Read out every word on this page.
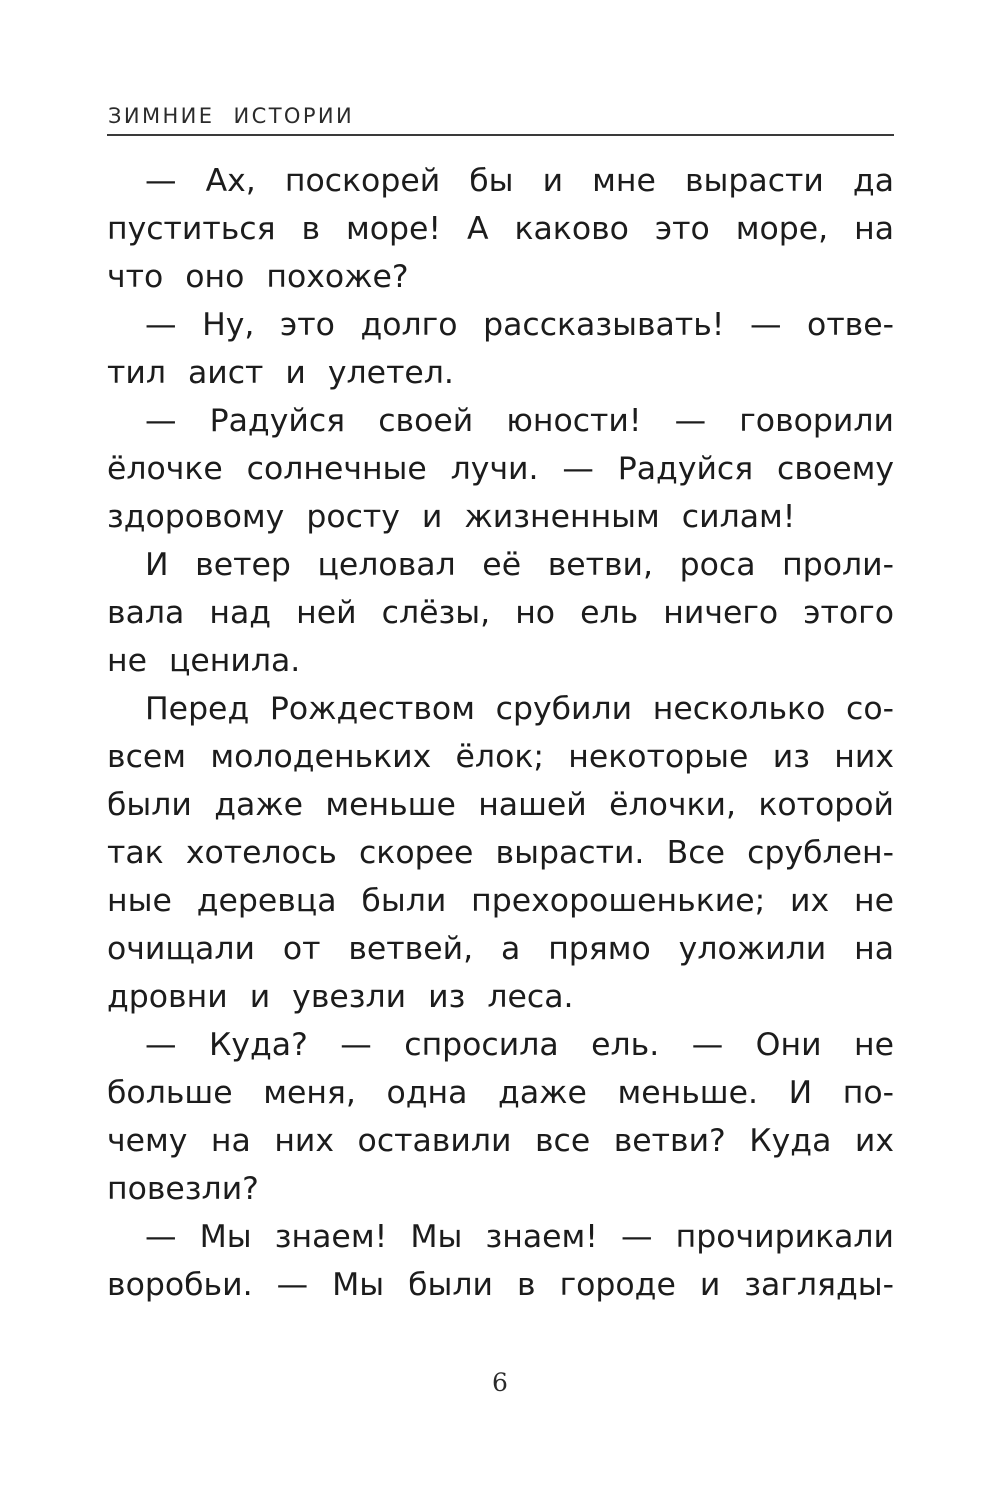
ЗИМНИЕ ИСТОРИИ
— Ах, поскорей бы и мне вырасти да
пуститься в море! А каково это море, на
что оно похоже?
— Ну, это долго рассказывать! — отве-
тил аист и улетел.
— Радуйся своей юности! — говорили
ёлочке солнечные лучи. — Радуйся своему
здоровому росту и жизненным силам!
И ветер целовал её ветви, роса проли-
вала над ней слёзы, но ель ничего этого
не ценила.
Перед Рождеством срубили несколько со-
всем молоденьких ёлок; некоторые из них
были даже меньше нашей ёлочки, которой
так хотелось скорее вырасти. Все срублен-
ные деревца были прехорошенькие; их не
очищали от ветвей, а прямо уложили на
дровни и увезли из леса.
— Куда? — спросила ель. — Они не
больше меня, одна даже меньше. И по-
чему на них оставили все ветви? Куда их
повезли?
— Мы знаем! Мы знаем! — прочирикали
воробьи. — Мы были в городе и загляды-
6
